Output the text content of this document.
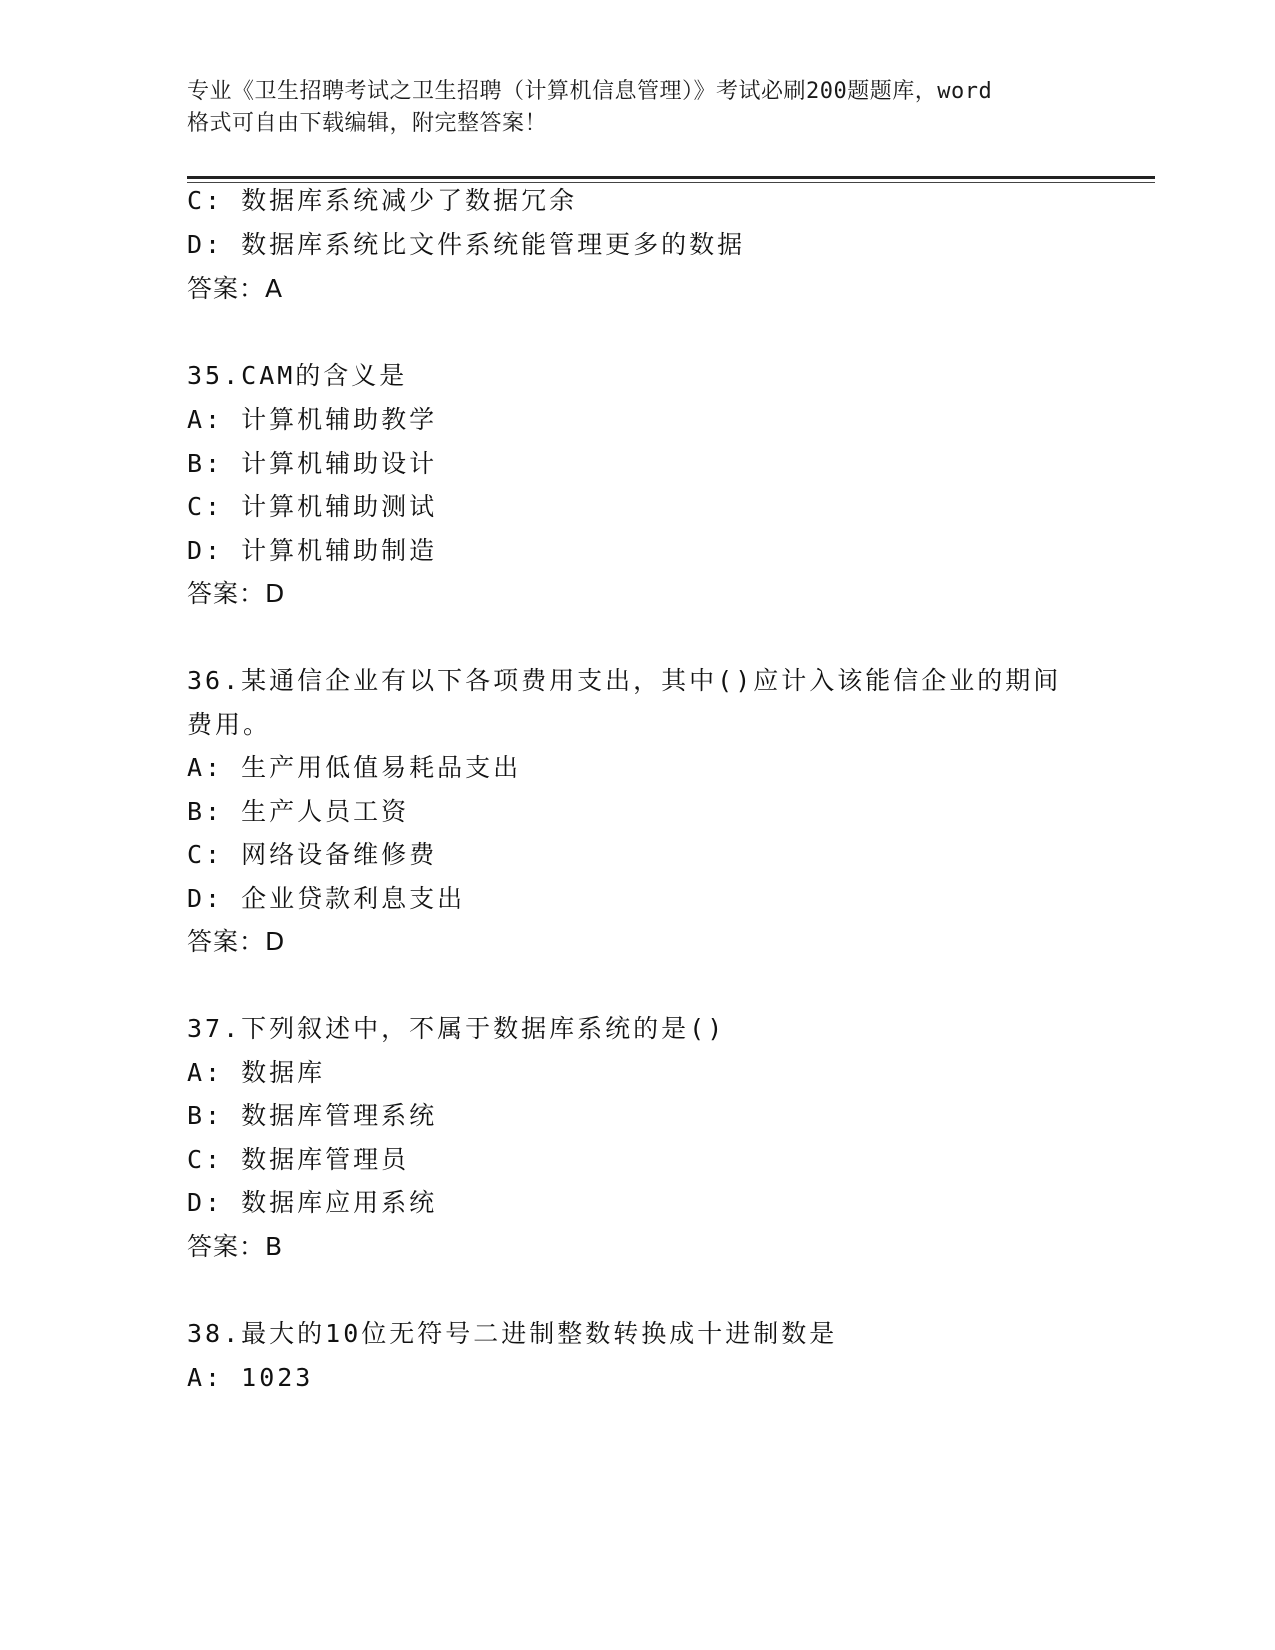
专业《卫生招聘考试之卫生招聘（计算机信息管理）》考试必刷200题题库，word
格式可自由下载编辑，附完整答案！
C: 数据库系统减少了数据冗余
D: 数据库系统比文件系统能管理更多的数据
答案：A
35.CAM的含义是
A: 计算机辅助教学
B: 计算机辅助设计
C: 计算机辅助测试
D: 计算机辅助制造
答案：D
36.某通信企业有以下各项费用支出，其中()应计入该能信企业的期间
费用。
A: 生产用低值易耗品支出
B: 生产人员工资
C: 网络设备维修费
D: 企业贷款利息支出
答案：D
37.下列叙述中，不属于数据库系统的是()
A: 数据库
B: 数据库管理系统
C: 数据库管理员
D: 数据库应用系统
答案：B
38.最大的10位无符号二进制整数转换成十进制数是
A: 1023
